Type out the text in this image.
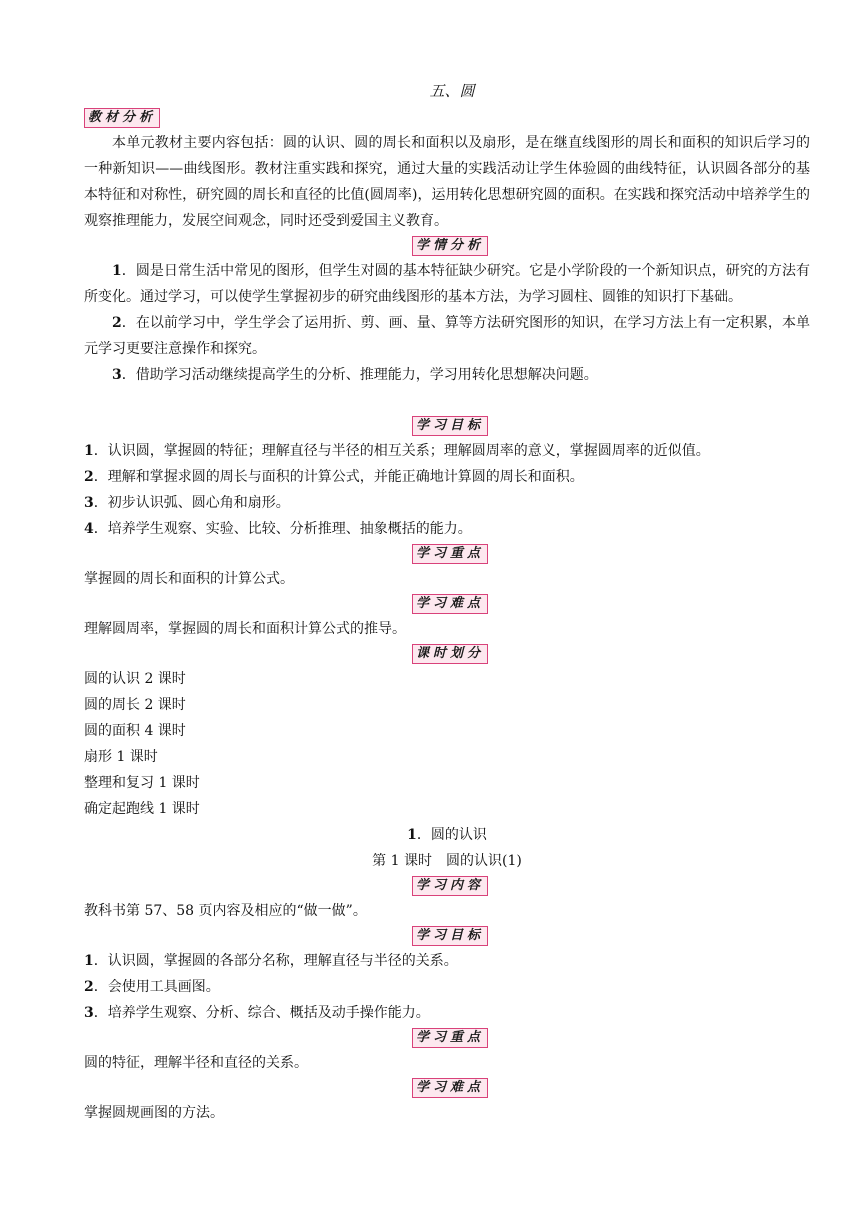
五、圆
教材分析
本单元教材主要内容包括：圆的认识、圆的周长和面积以及扇形，是在继直线图形的周长和面积的知识后学习的一种新知识——曲线图形。教材注重实践和探究，通过大量的实践活动让学生体验圆的曲线特征，认识圆各部分的基本特征和对称性，研究圆的周长和直径的比值(圆周率)，运用转化思想研究圆的面积。在实践和探究活动中培养学生的观察推理能力，发展空间观念，同时还受到爱国主义教育。
学情分析
1．圆是日常生活中常见的图形，但学生对圆的基本特征缺少研究。它是小学阶段的一个新知识点，研究的方法有所变化。通过学习，可以使学生掌握初步的研究曲线图形的基本方法，为学习圆柱、圆锥的知识打下基础。
2．在以前学习中，学生学会了运用折、剪、画、量、算等方法研究图形的知识，在学习方法上有一定积累，本单元学习更要注意操作和探究。
3．借助学习活动继续提高学生的分析、推理能力，学习用转化思想解决问题。
学习目标
1．认识圆，掌握圆的特征；理解直径与半径的相互关系；理解圆周率的意义，掌握圆周率的近似值。
2．理解和掌握求圆的周长与面积的计算公式，并能正确地计算圆的周长和面积。
3．初步认识弧、圆心角和扇形。
4．培养学生观察、实验、比较、分析推理、抽象概括的能力。
学习重点
掌握圆的周长和面积的计算公式。
学习难点
理解圆周率，掌握圆的周长和面积计算公式的推导。
课时划分
圆的认识 2 课时
圆的周长 2 课时
圆的面积 4 课时
扇形 1 课时
整理和复习 1 课时
确定起跑线 1 课时
1．圆的认识
第 1 课时　圆的认识(1)
学习内容
教科书第 57、58 页内容及相应的“做一做”。
学习目标
1．认识圆，掌握圆的各部分名称，理解直径与半径的关系。
2．会使用工具画图。
3．培养学生观察、分析、综合、概括及动手操作能力。
学习重点
圆的特征，理解半径和直径的关系。
学习难点
掌握圆规画图的方法。
